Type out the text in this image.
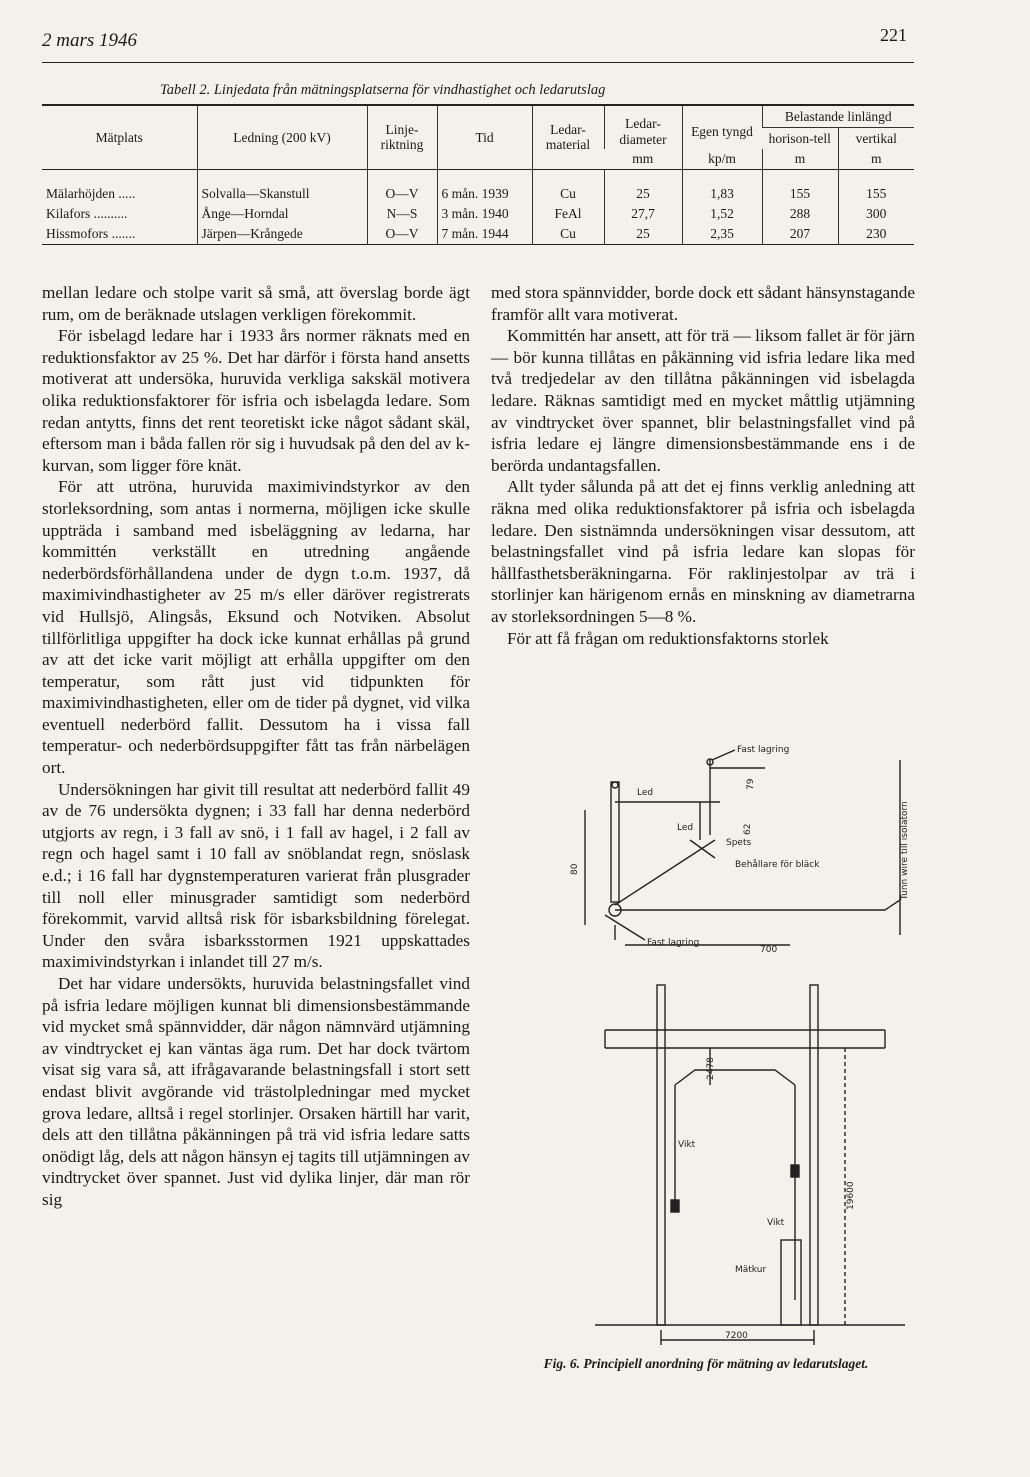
2 mars 1946	221
Tabell 2. Linjedata från mätningsplatserna för vindhastighet och ledarutslag
Mätplats	Ledning (200 kV)	Linje-riktning	Tid	Ledar-material	Ledar-diameter	Egen tyngd	Belastande linlängd	
							horison-tell	vertikal
					mm	kp/m	m	m
Mälarhöjden .....	Solvalla—Skanstull	O—V	6 mån. 1939	Cu	25	1,83	155	155
Kilafors ..........	Ånge—Horndal	N—S	3 mån. 1940	FeAl	27,7	1,52	288	300
Hissmofors .......	Järpen—Krångede	O—V	7 mån. 1944	Cu	25	2,35	207	230

mellan ledare och stolpe varit så små, att överslag borde ägt rum, om de beräknade utslagen verkligen förekommit.

För isbelagd ledare har i 1933 års normer räknats med en reduktionsfaktor av 25 %. Det har därför i första hand ansetts motiverat att undersöka, huruvida verkliga sakskäl motivera olika reduktionsfaktorer för isfria och isbelagda ledare. Som redan antytts, finns det rent teoretiskt icke något sådant skäl, eftersom man i båda fallen rör sig i huvudsak på den del av k-kurvan, som ligger före knät.

För att utröna, huruvida maximivindstyrkor av den storleksordning, som antas i normerna, möjligen icke skulle uppträda i samband med isbeläggning av ledarna, har kommittén verkställt en utredning angående nederbördsförhållandena under de dygn t.o.m. 1937, då maximivindhastigheter av 25 m/s eller däröver registrerats vid Hullsjö, Alingsås, Eksund och Notviken. Absolut tillförlitliga uppgifter ha dock icke kunnat erhållas på grund av att det icke varit möjligt att erhålla uppgifter om den temperatur, som rått just vid tidpunkten för maximivindhastigheten, eller om de tider på dygnet, vid vilka eventuell nederbörd fallit. Dessutom ha i vissa fall temperatur- och nederbördsuppgifter fått tas från närbelägen ort.

Undersökningen har givit till resultat att nederbörd fallit 49 av de 76 undersökta dygnen; i 33 fall har denna nederbörd utgjorts av regn, i 3 fall av snö, i 1 fall av hagel, i 2 fall av regn och hagel samt i 10 fall av snöblandat regn, snöslask e.d.; i 16 fall har dygnstemperaturen varierat från plusgrader till noll eller minusgrader samtidigt som nederbörd förekommit, varvid alltså risk för isbarksbildning förelegat. Under den svåra isbarksstormen 1921 uppskattades maximivindstyrkan i inlandet till 27 m/s.

Det har vidare undersökts, huruvida belastningsfallet vind på isfria ledare möjligen kunnat bli dimensionsbestämmande vid mycket små spännvidder, där någon nämnvärd utjämning av vindtrycket ej kan väntas äga rum. Det har dock tvärtom visat sig vara så, att ifrågavarande belastningsfall i stort sett endast blivit avgörande vid trästolpledningar med mycket grova ledare, alltså i regel storlinjer. Orsaken härtill har varit, dels att den tillåtna påkänningen på trä vid isfria ledare satts onödigt låg, dels att någon hänsyn ej tagits till utjämningen av vindtrycket över spannet. Just vid dylika linjer, där man rör sig

med stora spännvidder, borde dock ett sådant hänsynstagande framför allt vara motiverat.

Kommittén har ansett, att för trä — liksom fallet är för järn — bör kunna tillåtas en påkänning vid isfria ledare lika med två tredjedelar av den tillåtna påkänningen vid isbelagda ledare. Räknas samtidigt med en mycket måttlig utjämning av vindtrycket över spannet, blir belastningsfallet vind på isfria ledare ej längre dimensionsbestämmande ens i de berörda undantagsfallen.

Allt tyder sålunda på att det ej finns verklig anledning att räkna med olika reduktionsfaktorer på isfria och isbelagda ledare. Den sistnämnda undersökningen visar dessutom, att belastningsfallet vind på isfria ledare kan slopas för hållfasthetsberäkningarna. För raklinjestolpar av trä i storlinjer kan härigenom ernås en minskning av diametrarna av storleksordningen 5—8 %.

För att få frågan om reduktionsfaktorns storlek

Fast lagring
Led
Led
Spets
Behållare för bläck
Fast lagring
700
79
62
80	Tunn wire till isolatorn
2478
Vikt
Vikt
Mätkur
19600
7200
Fig. 6. Principiell anordning för mätning av ledarutslaget.
